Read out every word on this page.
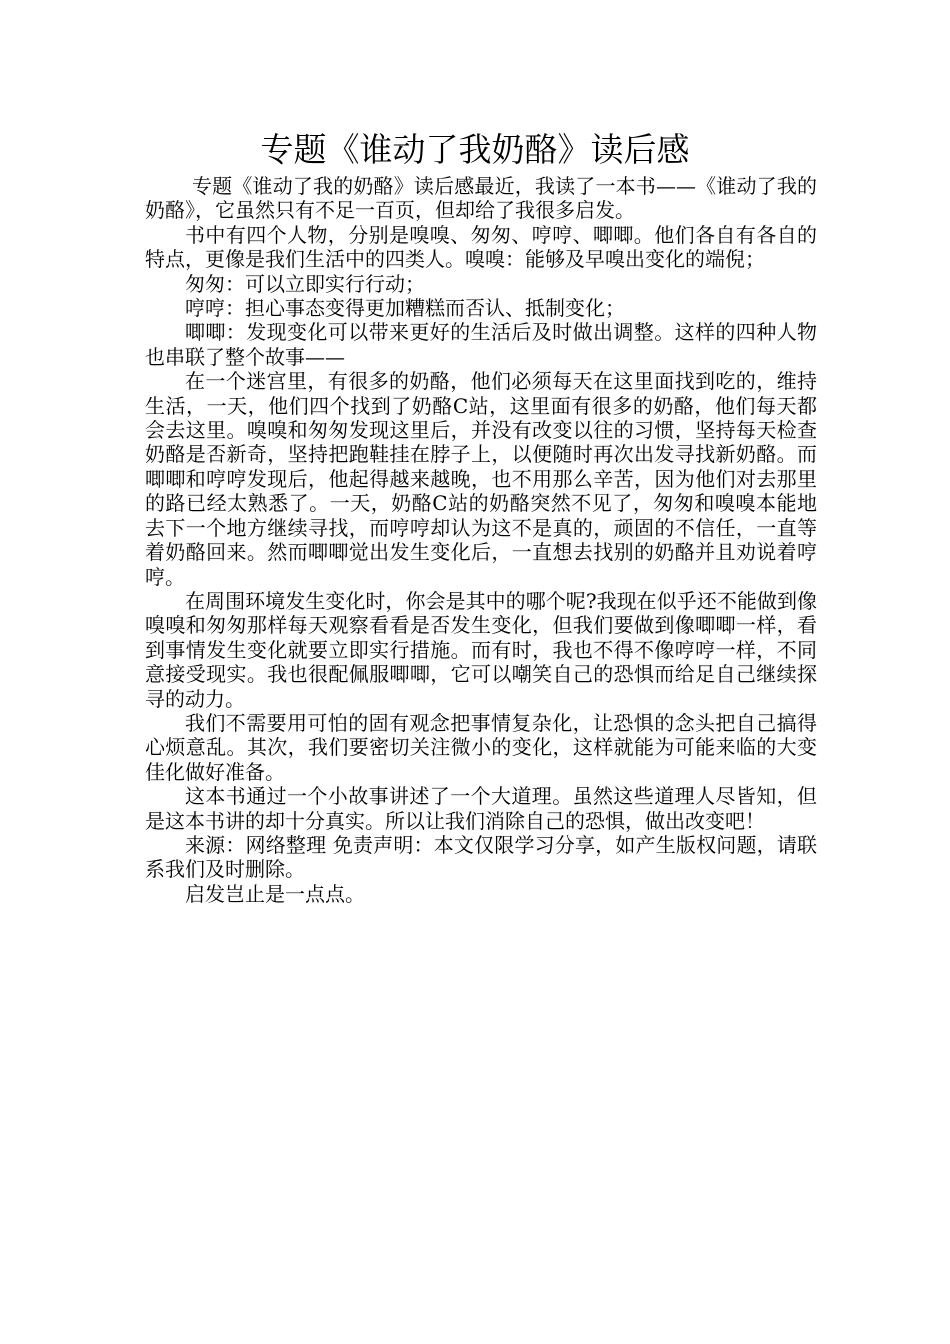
专题《谁动了我奶酪》读后感

专题《谁动了我的奶酪》读后感最近，我读了一本书——《谁动了我的奶酪》，它虽然只有不足一百页，但却给了我很多启发。

书中有四个人物，分别是嗅嗅、匆匆、哼哼、唧唧。他们各自有各自的特点，更像是我们生活中的四类人。嗅嗅：能够及早嗅出变化的端倪；

匆匆：可以立即实行行动；

哼哼：担心事态变得更加糟糕而否认、抵制变化；

唧唧：发现变化可以带来更好的生活后及时做出调整。这样的四种人物也串联了整个故事——

在一个迷宫里，有很多的奶酪，他们必须每天在这里面找到吃的，维持生活，一天，他们四个找到了奶酪C站，这里面有很多的奶酪，他们每天都会去这里。嗅嗅和匆匆发现这里后，并没有改变以往的习惯，坚持每天检查奶酪是否新奇，坚持把跑鞋挂在脖子上，以便随时再次出发寻找新奶酪。而唧唧和哼哼发现后，他起得越来越晚，也不用那么辛苦，因为他们对去那里的路已经太熟悉了。一天，奶酪C站的奶酪突然不见了，匆匆和嗅嗅本能地去下一个地方继续寻找，而哼哼却认为这不是真的，顽固的不信任，一直等着奶酪回来。然而唧唧觉出发生变化后，一直想去找别的奶酪并且劝说着哼哼。

在周围环境发生变化时，你会是其中的哪个呢?我现在似乎还不能做到像嗅嗅和匆匆那样每天观察看看是否发生变化，但我们要做到像唧唧一样，看到事情发生变化就要立即实行措施。而有时，我也不得不像哼哼一样，不同意接受现实。我也很配佩服唧唧，它可以嘲笑自己的恐惧而给足自己继续探寻的动力。

我们不需要用可怕的固有观念把事情复杂化，让恐惧的念头把自己搞得心烦意乱。其次，我们要密切关注微小的变化，这样就能为可能来临的大变佳化做好准备。

这本书通过一个小故事讲述了一个大道理。虽然这些道理人尽皆知，但是这本书讲的却十分真实。所以让我们消除自己的恐惧，做出改变吧！

来源：网络整理 免责声明：本文仅限学习分享，如产生版权问题，请联系我们及时删除。

启发岂止是一点点。
